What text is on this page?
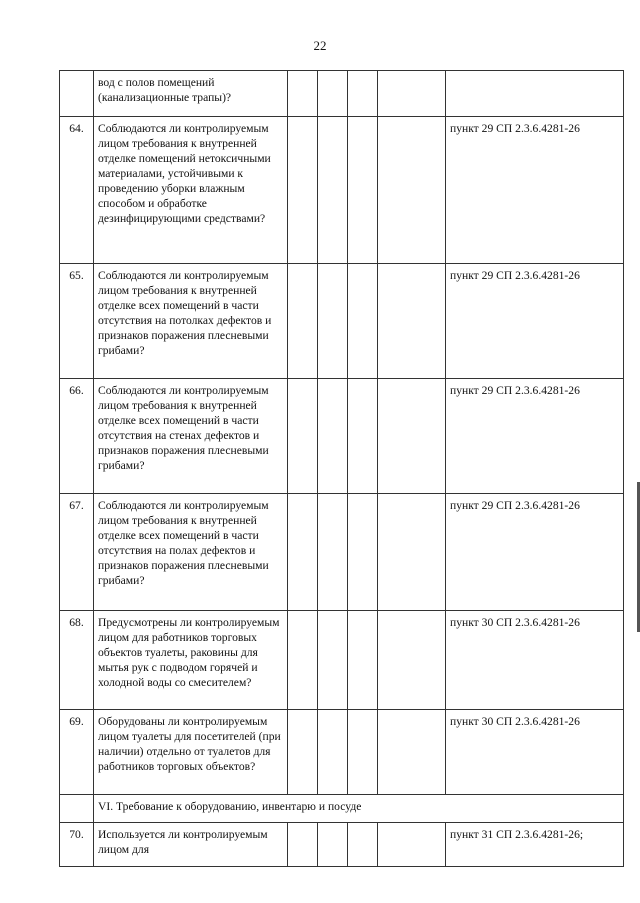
22
	вод с полов помещений (канализационные трапы)?					
64.	Соблюдаются ли контролируемым лицом требования к внутренней отделке помещений нетоксичными материалами, устойчивыми к проведению уборки влажным способом и обработке дезинфицирующими средствами?					пункт 29 СП 2.3.6.4281-26
65.	Соблюдаются ли контролируемым лицом требования к внутренней отделке всех помещений в части отсутствия на потолках дефектов и признаков поражения плесневыми грибами?					пункт 29 СП 2.3.6.4281-26
66.	Соблюдаются ли контролируемым лицом требования к внутренней отделке всех помещений в части отсутствия на стенах дефектов и признаков поражения плесневыми грибами?					пункт 29 СП 2.3.6.4281-26
67.	Соблюдаются ли контролируемым лицом требования к внутренней отделке всех помещений в части отсутствия на полах дефектов и признаков поражения плесневыми грибами?					пункт 29 СП 2.3.6.4281-26
68.	Предусмотрены ли контролируемым лицом для работников торговых объектов туалеты, раковины для мытья рук с подводом горячей и холодной воды со смесителем?					пункт 30 СП 2.3.6.4281-26
69.	Оборудованы ли контролируемым лицом туалеты для посетителей (при наличии) отдельно от туалетов для работников торговых объектов?					пункт 30 СП 2.3.6.4281-26
	VI. Требование к оборудованию, инвентарю и посуде					
70.	Используется ли контролируемым лицом для					пункт 31 СП 2.3.6.4281-26;
